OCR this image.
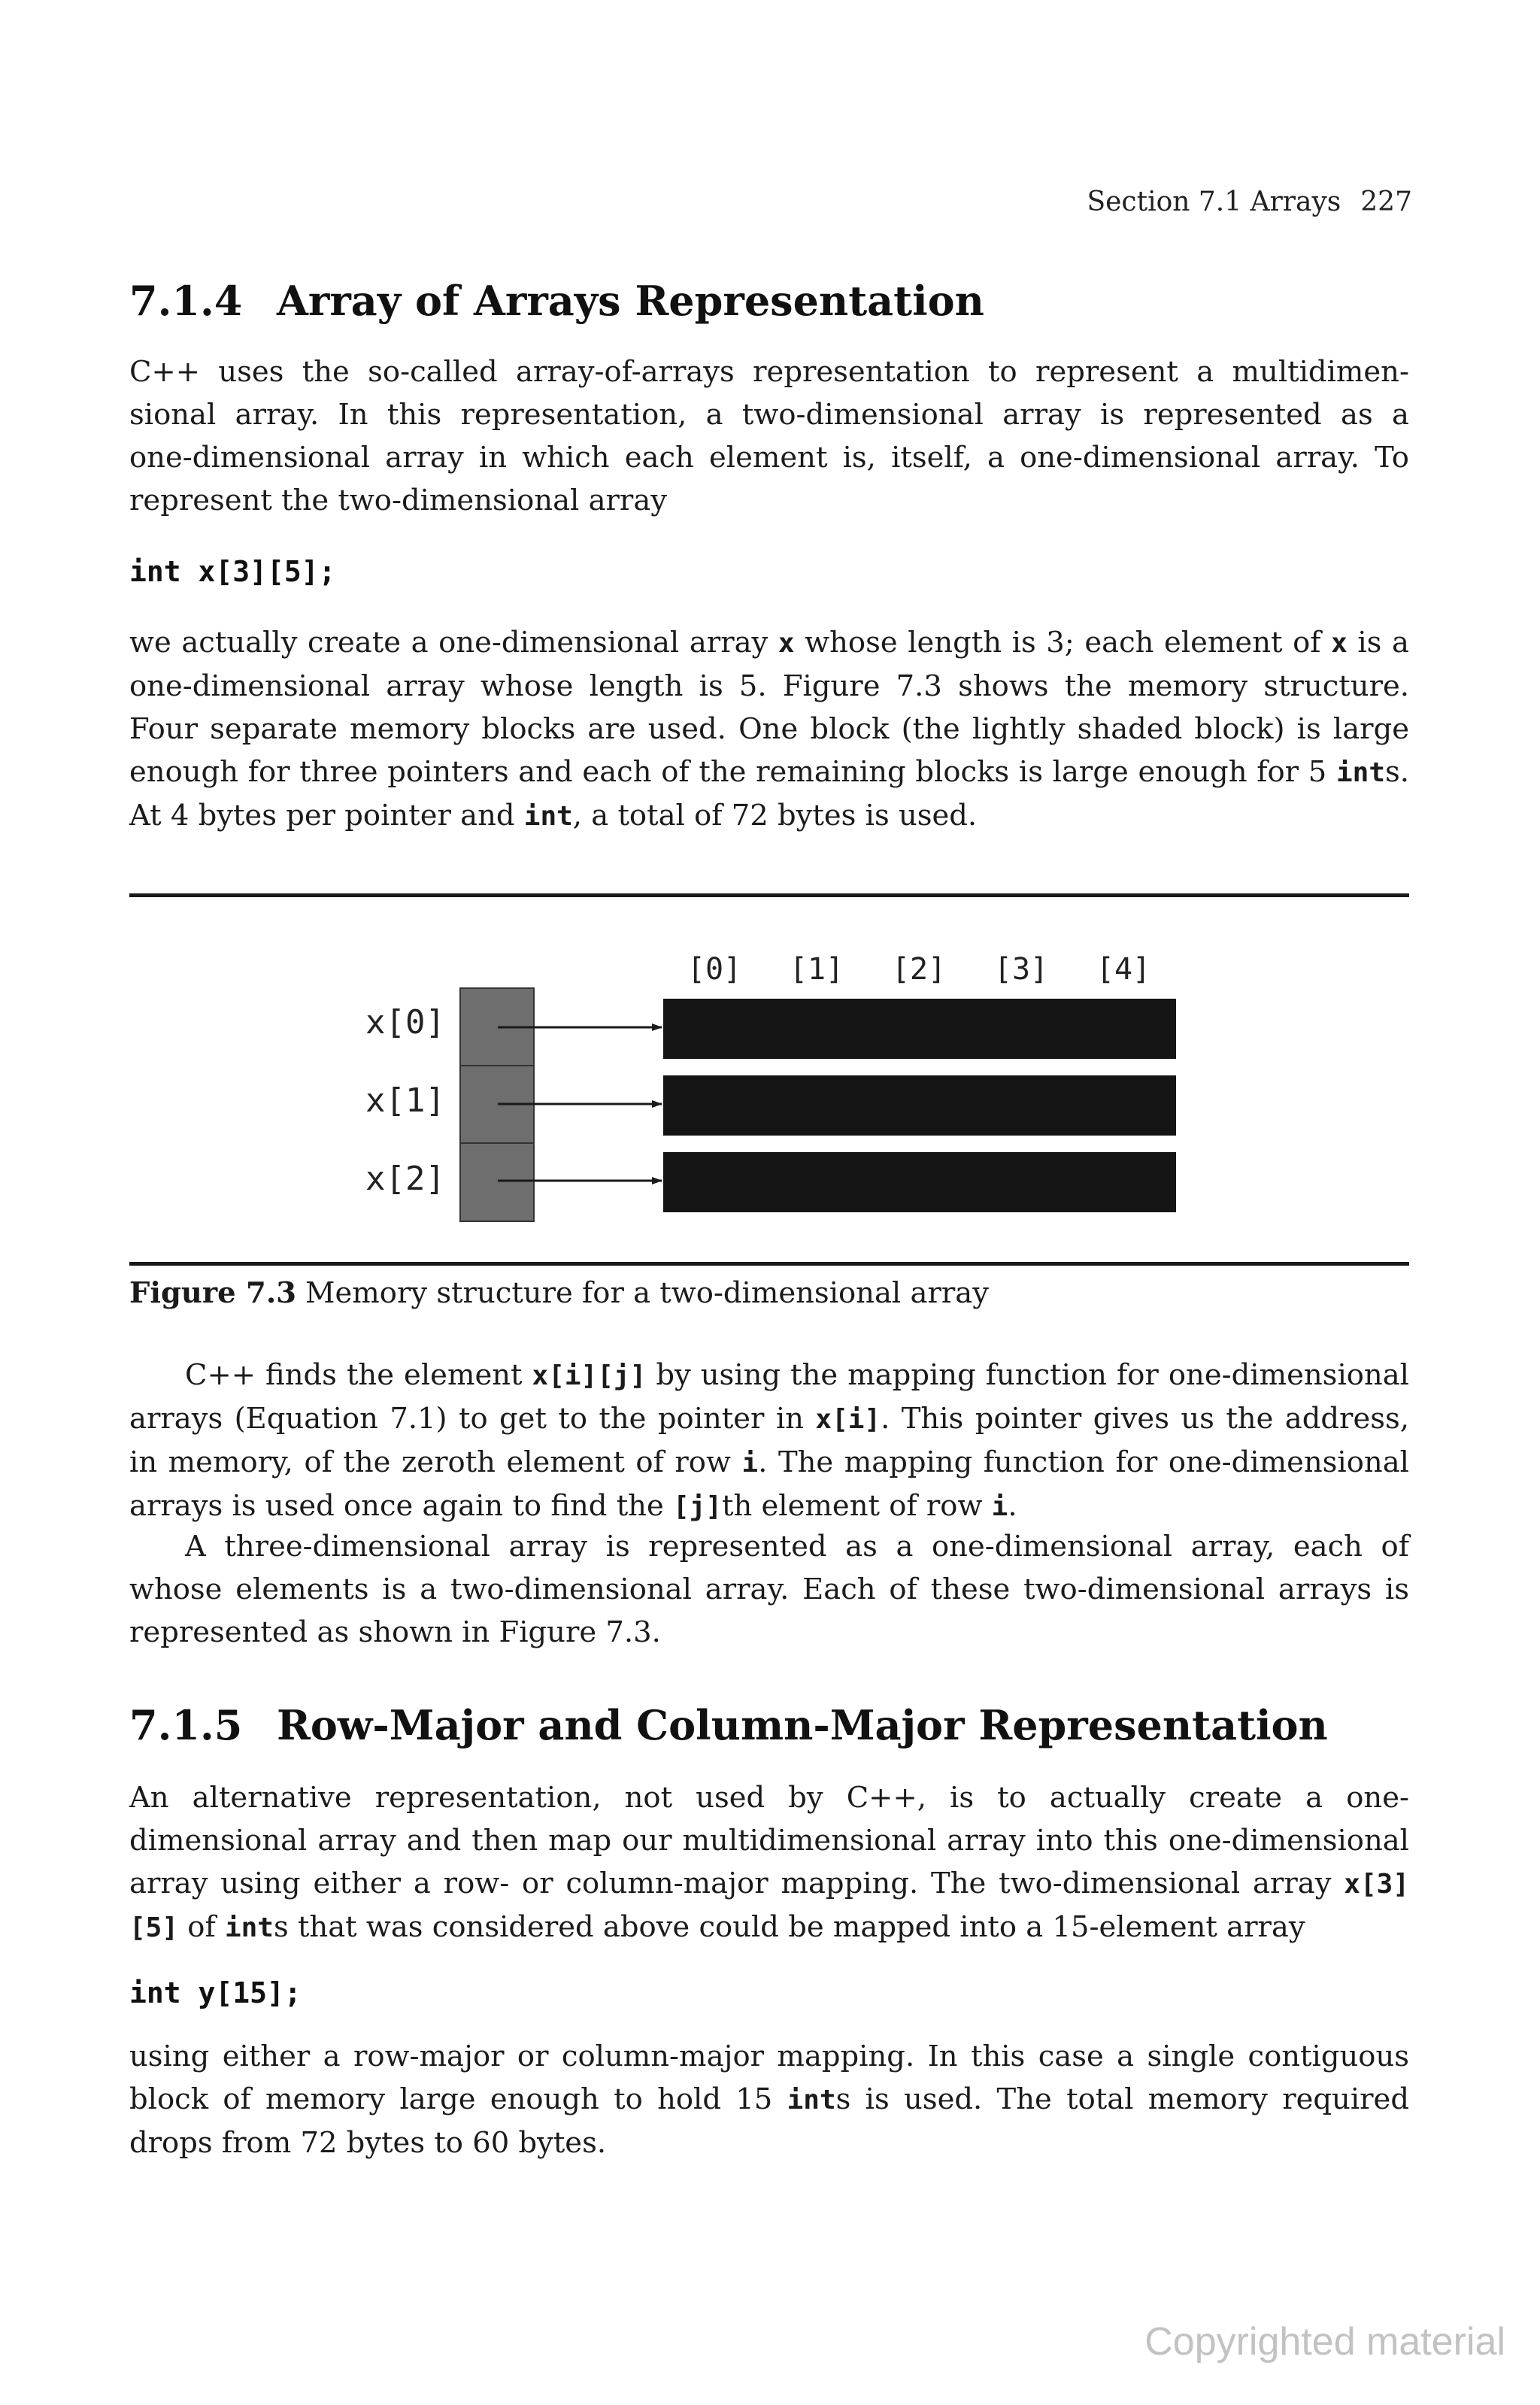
Section 7.1 Arrays 227
7.1.4 Array of Arrays Representation
C++ uses the so-called array-of-arrays representation to represent a multidimen-
sional array. In this representation, a two-dimensional array is represented as a
one-dimensional array in which each element is, itself, a one-dimensional array. To
represent the two-dimensional array
int x[3][5];
we actually create a one-dimensional array x whose length is 3; each element of x is a one-dimensional array whose length is 5. Figure 7.3 shows the memory structure. Four separate memory blocks are used. One block (the lightly shaded block) is large enough for three pointers and each of the remaining blocks is large enough for 5 ints. At 4 bytes per pointer and int, a total of 72 bytes is used.
[0] [1] [2] [3] [4]
x[0]
x[1]
x[2]
Figure 7.3 Memory structure for a two-dimensional array
C++ finds the element x[i][j] by using the mapping function for one-dimensional arrays (Equation 7.1) to get to the pointer in x[i]. This pointer gives us the address, in memory, of the zeroth element of row i. The mapping function for one-dimensional arrays is used once again to find the [j]th element of row i.
A three-dimensional array is represented as a one-dimensional array, each of whose elements is a two-dimensional array. Each of these two-dimensional arrays is represented as shown in Figure 7.3.
7.1.5 Row-Major and Column-Major Representation
An alternative representation, not used by C++, is to actually create a one-dimensional array and then map our multidimensional array into this one-dimensional array using either a row- or column-major mapping. The two-dimensional array x[3][5] of ints that was considered above could be mapped into a 15-element array
int y[15];
using either a row-major or column-major mapping. In this case a single contiguous block of memory large enough to hold 15 ints is used. The total memory required drops from 72 bytes to 60 bytes.
Copyrighted material
